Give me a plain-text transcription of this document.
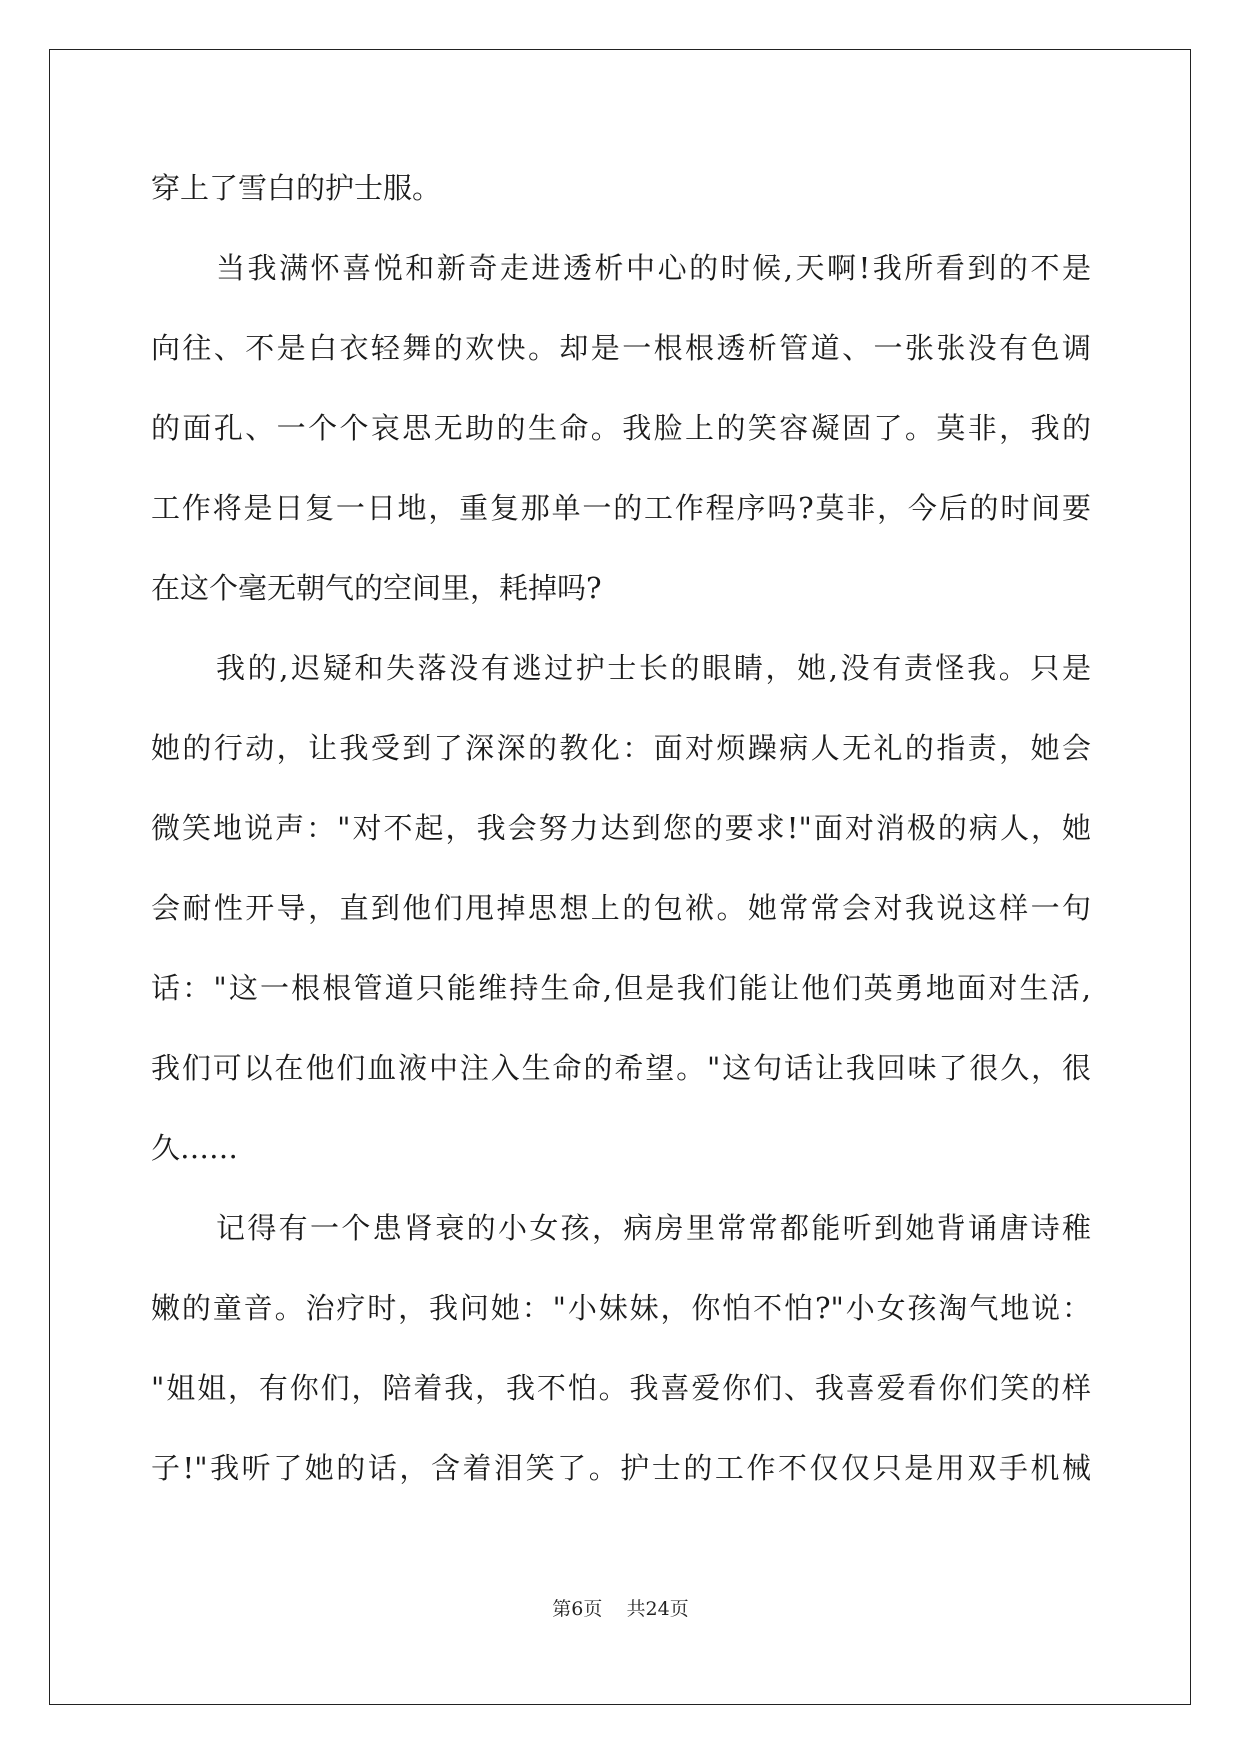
穿上了雪白的护士服。
当我满怀喜悦和新奇走进透析中心的时候,天啊!我所看到的不是
向往、不是白衣轻舞的欢快。却是一根根透析管道、一张张没有色调
的面孔、一个个哀思无助的生命。我脸上的笑容凝固了。莫非，我的
工作将是日复一日地，重复那单一的工作程序吗?莫非，今后的时间要
在这个毫无朝气的空间里，耗掉吗?
我的,迟疑和失落没有逃过护士长的眼睛，她,没有责怪我。只是
她的行动，让我受到了深深的教化：面对烦躁病人无礼的指责，她会
微笑地说声："对不起，我会努力达到您的要求!"面对消极的病人，她
会耐性开导，直到他们甩掉思想上的包袱。她常常会对我说这样一句
话："这一根根管道只能维持生命,但是我们能让他们英勇地面对生活,
我们可以在他们血液中注入生命的希望。"这句话让我回味了很久，很
久……
记得有一个患肾衰的小女孩，病房里常常都能听到她背诵唐诗稚
嫩的童音。治疗时，我问她："小妹妹，你怕不怕?"小女孩淘气地说：
"姐姐，有你们，陪着我，我不怕。我喜爱你们、我喜爱看你们笑的样
子!"我听了她的话，含着泪笑了。护士的工作不仅仅只是用双手机械
第6页    共24页
